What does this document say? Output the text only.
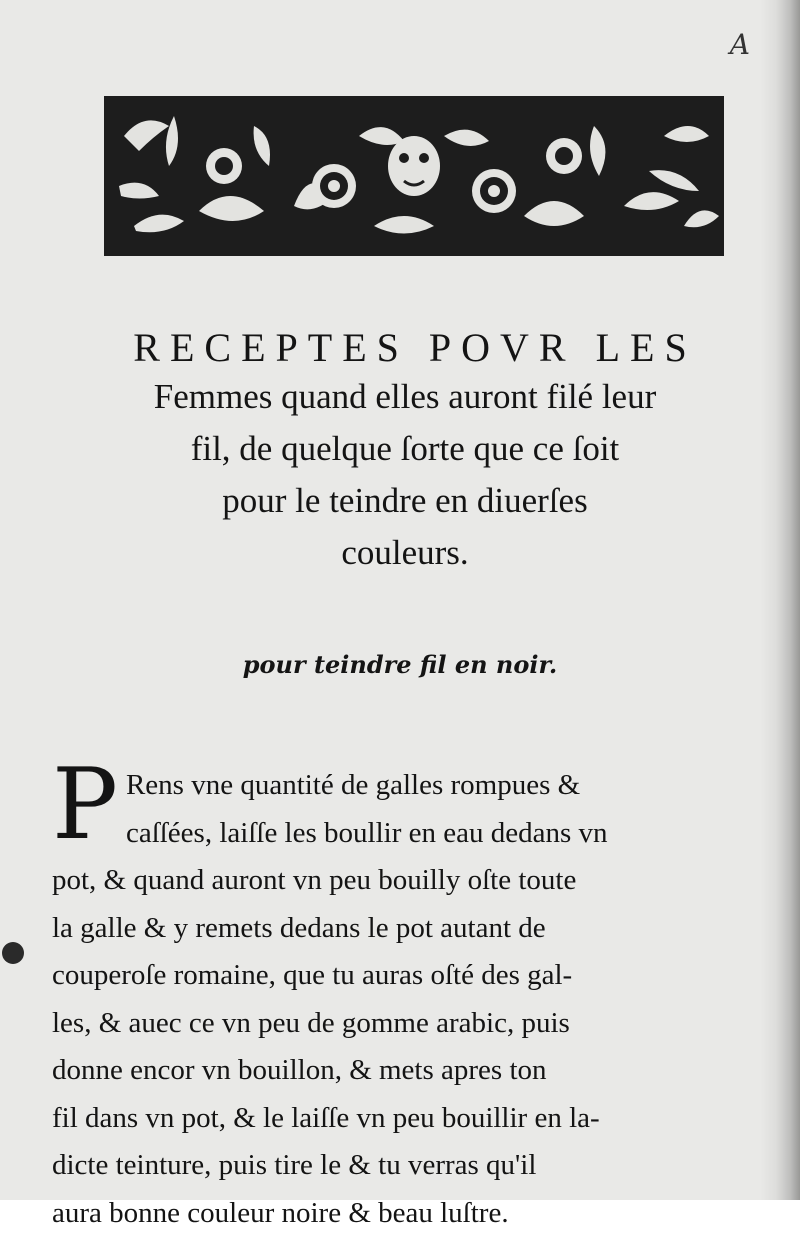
A

RECEPTES POVR LES

Femmes quand elles auront filé leur

fil, de quelque ſorte que ce ſoit

pour le teindre en diuerſes

couleurs.

pour teindre fil en noir.
P Rens vne quantité de galles rompues &
caſſées, laiſſe les boullir en eau dedans vn
pot, & quand auront vn peu bouilly oſte toute
la galle & y remets dedans le pot autant de
couperoſe romaine, que tu auras oſté des gal-
les, & auec ce vn peu de gomme arabic, puis
donne encor vn bouillon, & mets apres ton
fil dans vn pot, & le laiſſe vn peu bouillir en la-
dicte teinture, puis tire le & tu verras qu'il
aura bonne couleur noire & beau luſtre.
